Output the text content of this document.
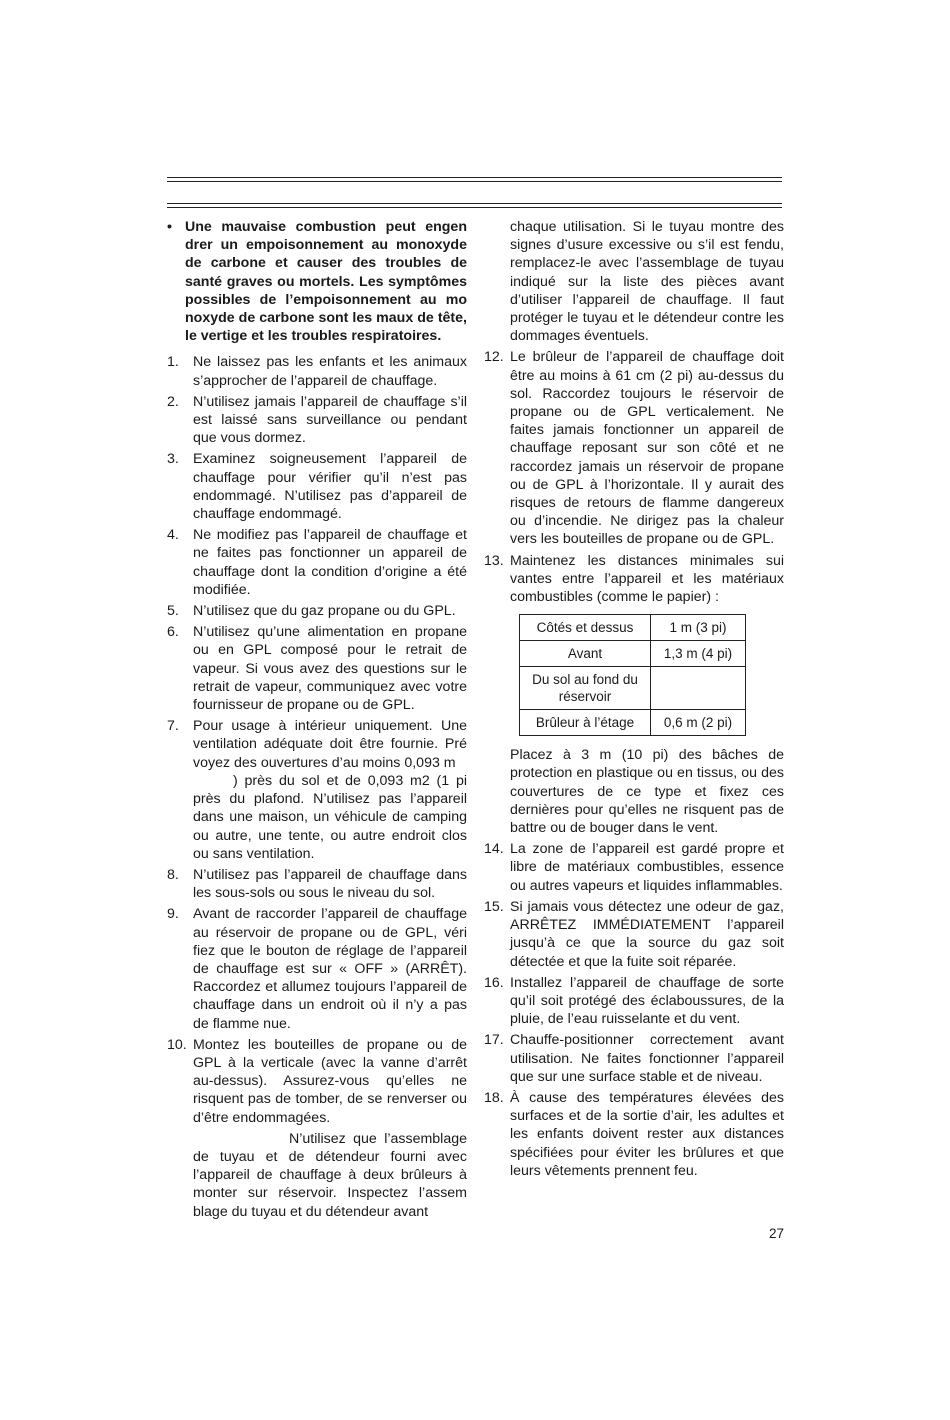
• Une mauvaise combustion peut engen drer un empoisonnement au monoxyde de carbone et causer des troubles de santé graves ou mortels. Les symptômes possibles de l’empoisonnement au mo noxyde de carbone sont les maux de tête, le vertige et les troubles respiratoires.
1. Ne laissez pas les enfants et les animaux s’approcher de l’appareil de chauffage.
2. N’utilisez jamais l’appareil de chauffage s’il est laissé sans surveillance ou pendant que vous dormez.
3. Examinez soigneusement l’appareil de chauffage pour vérifier qu’il n’est pas endommagé. N’utilisez pas d’appareil de chauffage endommagé.
4. Ne modifiez pas l’appareil de chauffage et ne faites pas fonctionner un appareil de chauffage dont la condition d’origine a été modifiée.
5. N’utilisez que du gaz propane ou du GPL.
6. N’utilisez qu’une alimentation en propane ou en GPL composé pour le retrait de vapeur. Si vous avez des questions sur le retrait de vapeur, communiquez avec votre fournisseur de propane ou de GPL.
7. Pour usage à intérieur uniquement. Une ventilation adéquate doit être fournie. Pré voyez des ouvertures d’au moins 0,093 m
) près du sol et de 0,093 m2 (1 pi près du plafond. N’utilisez pas l’appareil dans une maison, un véhicule de camping ou autre, une tente, ou autre endroit clos ou sans ventilation.
8. N’utilisez pas l’appareil de chauffage dans les sous-sols ou sous le niveau du sol.
9. Avant de raccorder l’appareil de chauffage au réservoir de propane ou de GPL, véri fiez que le bouton de réglage de l’appareil de chauffage est sur « OFF » (ARRÊT). Raccordez et allumez toujours l’appareil de chauffage dans un endroit où il n’y a pas de flamme nue.
10. Montez les bouteilles de propane ou de GPL à la verticale (avec la vanne d’arrêt au-dessus). Assurez-vous qu’elles ne risquent pas de tomber, de se renverser ou d’être endommagées.
N’utilisez que l’assemblage de tuyau et de détendeur fourni avec l’appareil de chauffage à deux brûleurs à monter sur réservoir. Inspectez l’assem blage du tuyau et du détendeur avant
chaque utilisation. Si le tuyau montre des signes d’usure excessive ou s’il est fendu, remplacez-le avec l’assemblage de tuyau indiqué sur la liste des pièces avant d’utiliser l’appareil de chauffage. Il faut protéger le tuyau et le détendeur contre les dommages éventuels.
12. Le brûleur de l’appareil de chauffage doit être au moins à 61 cm (2 pi) au-dessus du sol. Raccordez toujours le réservoir de propane ou de GPL verticalement. Ne faites jamais fonctionner un appareil de chauffage reposant sur son côté et ne raccordez jamais un réservoir de propane ou de GPL à l’horizontale. Il y aurait des risques de retours de flamme dangereux ou d’incendie. Ne dirigez pas la chaleur vers les bouteilles de propane ou de GPL.
13. Maintenez les distances minimales sui vantes entre l’appareil et les matériaux combustibles (comme le papier) :
Côtés et dessus	1 m (3 pi)
Avant	1,3 m (4 pi)
Du sol au fond du réservoir	
Brûleur à l’étage	0,6 m (2 pi)
Placez à 3 m (10 pi) des bâches de protection en plastique ou en tissus, ou des couvertures de ce type et fixez ces dernières pour qu’elles ne risquent pas de battre ou de bouger dans le vent.
14. La zone de l’appareil est gardé propre et libre de matériaux combustibles, essence ou autres vapeurs et liquides inflammables.
15. Si jamais vous détectez une odeur de gaz, ARRÊTEZ IMMÉDIATEMENT l’appareil jusqu’à ce que la source du gaz soit détectée et que la fuite soit réparée.
16. Installez l’appareil de chauffage de sorte qu’il soit protégé des éclaboussures, de la pluie, de l’eau ruisselante et du vent.
17. Chauffe-positionner correctement avant utilisation. Ne faites fonctionner l’appareil que sur une surface stable et de niveau.
18. À cause des températures élevées des surfaces et de la sortie d’air, les adultes et les enfants doivent rester aux distances spécifiées pour éviter les brûlures et que leurs vêtements prennent feu.
27
